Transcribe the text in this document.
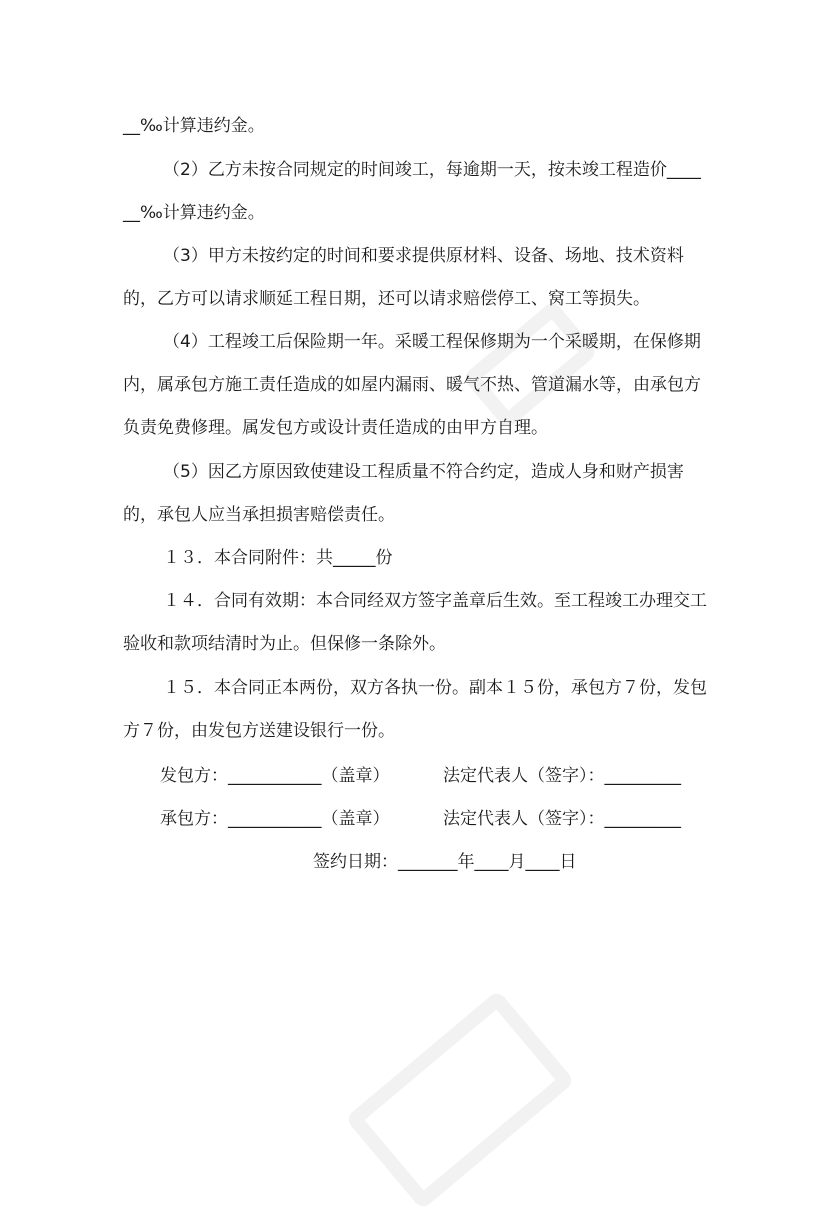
__‰计算违约金。
（2）乙方未按合同规定的时间竣工，每逾期一天，按未竣工程造价____
__‰计算违约金。
（3）甲方未按约定的时间和要求提供原材料、设备、场地、技术资料
的，乙方可以请求顺延工程日期，还可以请求赔偿停工、窝工等损失。
（4）工程竣工后保险期一年。采暖工程保修期为一个采暖期，在保修期
内，属承包方施工责任造成的如屋内漏雨、暖气不热、管道漏水等，由承包方
负责免费修理。属发包方或设计责任造成的由甲方自理。
（5）因乙方原因致使建设工程质量不符合约定，造成人身和财产损害
的，承包人应当承担损害赔偿责任。
１３．本合同附件：共_____份
１４．合同有效期：本合同经双方签字盖章后生效。至工程竣工办理交工
验收和款项结清时为止。但保修一条除外。
１５．本合同正本两份，双方各执一份。副本１５份，承包方７份，发包
方７份，由发包方送建设银行一份。
发包方：___________（盖章）	法定代表人（签字）：_________
承包方：___________（盖章）	法定代表人（签字）：_________
签约日期：_______年____月____日
